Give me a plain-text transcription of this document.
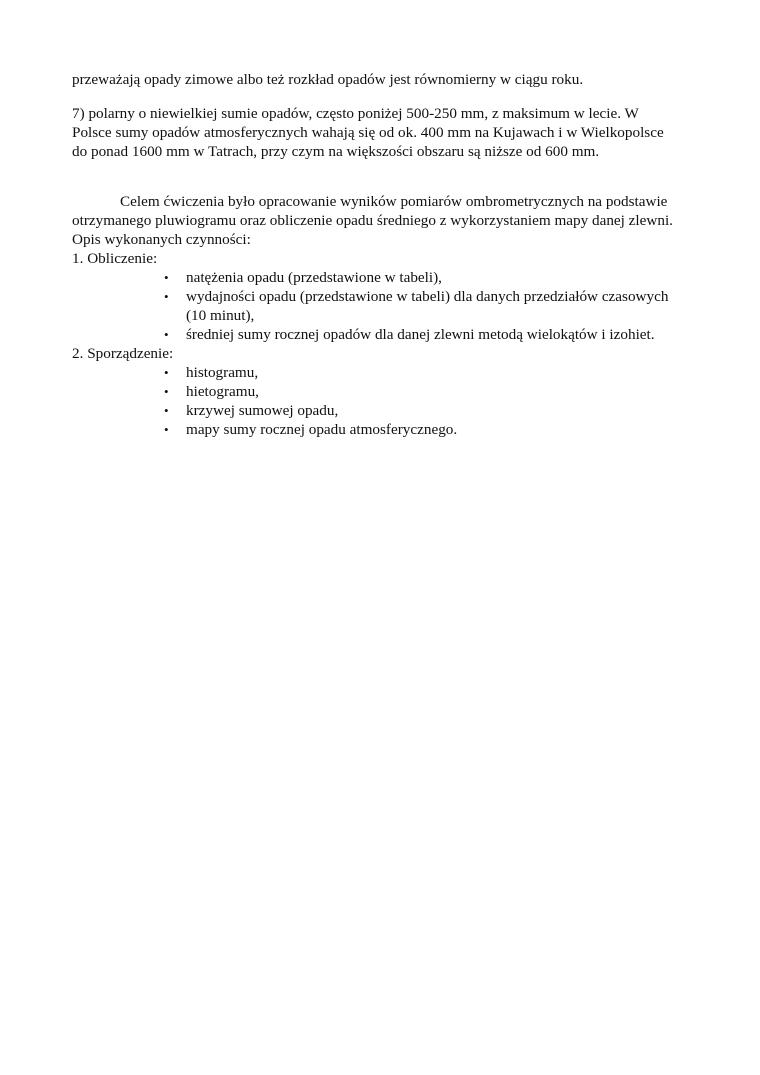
przeważają opady zimowe albo też rozkład opadów jest równomierny w ciągu roku.
7) polarny o niewielkiej sumie opadów, często poniżej 500-250 mm, z maksimum w lecie. W
Polsce sumy opadów atmosferycznych wahają się od ok. 400 mm na Kujawach i w Wielkopolsce
do ponad 1600 mm w Tatrach, przy czym na większości obszaru są niższe od 600 mm.
Celem ćwiczenia było opracowanie wyników pomiarów ombrometrycznych na podstawie
otrzymanego pluwiogramu oraz obliczenie opadu średniego z wykorzystaniem mapy danej zlewni.
Opis wykonanych czynności:
1. Obliczenie:
•	natężenia opadu (przedstawione w tabeli),
•	wydajności opadu (przedstawione w tabeli) dla danych przedziałów czasowych
(10 minut),
•	średniej sumy rocznej opadów dla danej zlewni metodą wielokątów i izohiet.
2. Sporządzenie:
•	histogramu,
•	hietogramu,
•	krzywej sumowej opadu,
•	mapy sumy rocznej opadu atmosferycznego.
